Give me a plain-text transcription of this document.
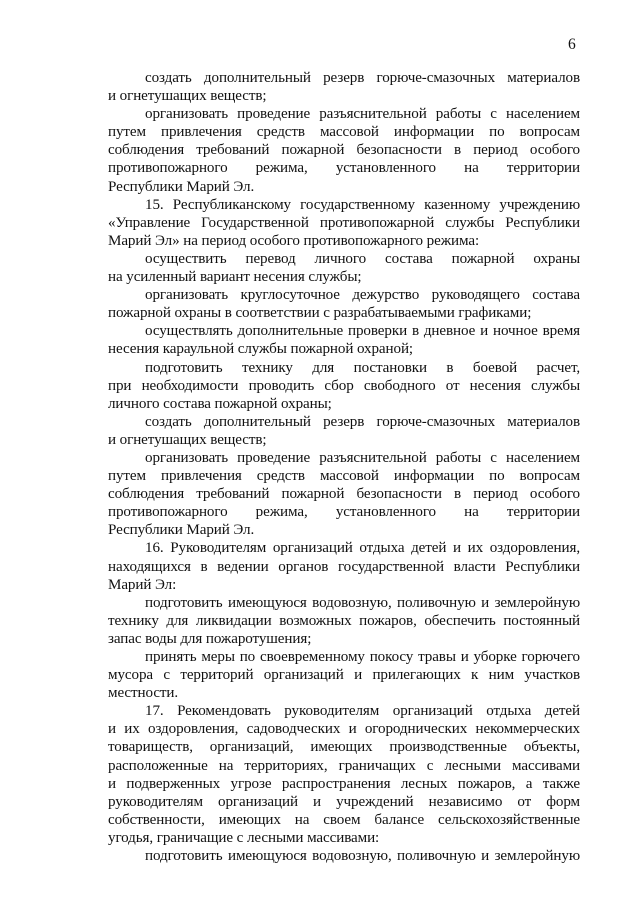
6
создать дополнительный резерв горюче-смазочных материалов
и огнетушащих веществ;
организовать проведение разъяснительной работы с населением
путем привлечения средств массовой информации по вопросам
соблюдения требований пожарной безопасности в период особого
противопожарного режима, установленного на территории
Республики Марий Эл.
15. Республиканскому государственному казенному учреждению
«Управление Государственной противопожарной службы Республики
Марий Эл» на период особого противопожарного режима:
осуществить перевод личного состава пожарной охраны
на усиленный вариант несения службы;
организовать круглосуточное дежурство руководящего состава
пожарной охраны в соответствии с разрабатываемыми графиками;
осуществлять дополнительные проверки в дневное и ночное время
несения караульной службы пожарной охраной;
подготовить технику для постановки в боевой расчет,
при необходимости проводить сбор свободного от несения службы
личного состава пожарной охраны;
создать дополнительный резерв горюче-смазочных материалов
и огнетушащих веществ;
организовать проведение разъяснительной работы с населением
путем привлечения средств массовой информации по вопросам
соблюдения требований пожарной безопасности в период особого
противопожарного режима, установленного на территории
Республики Марий Эл.
16. Руководителям организаций отдыха детей и их оздоровления,
находящихся в ведении органов государственной власти Республики
Марий Эл:
подготовить имеющуюся водовозную, поливочную и землеройную
технику для ликвидации возможных пожаров, обеспечить постоянный
запас воды для пожаротушения;
принять меры по своевременному покосу травы и уборке горючего
мусора с территорий организаций и прилегающих к ним участков
местности.
17. Рекомендовать руководителям организаций отдыха детей
и их оздоровления, садоводческих и огороднических некоммерческих
товариществ, организаций, имеющих производственные объекты,
расположенные на территориях, граничащих с лесными массивами
и подверженных угрозе распространения лесных пожаров, а также
руководителям организаций и учреждений независимо от форм
собственности, имеющих на своем балансе сельскохозяйственные
угодья, граничащие с лесными массивами:
подготовить имеющуюся водовозную, поливочную и землеройную
